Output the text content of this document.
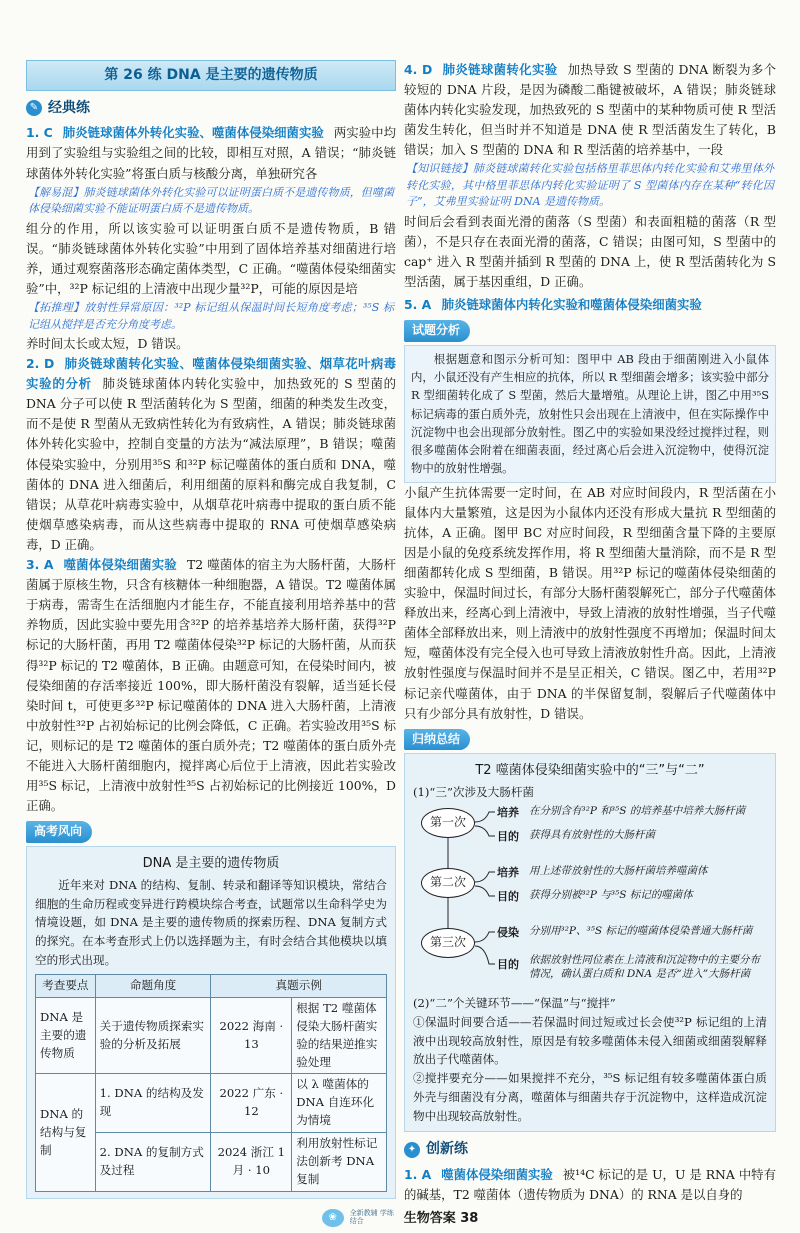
第 26 练 DNA 是主要的遗传物质
✎ 经典练

1. C 肺炎链球菌体外转化实验、噬菌体侵染细菌实验 两实验中均用到了实验组与实验组之间的比较，即相互对照，A 错误；“肺炎链球菌体外转化实验”将蛋白质与核酸分离，单独研究各

【解易混】肺炎链球菌体外转化实验可以证明蛋白质不是遗传物质，但噬菌体侵染细菌实验不能证明蛋白质不是遗传物质。

组分的作用，所以该实验可以证明蛋白质不是遗传物质，B 错误。“肺炎链球菌体外转化实验”中用到了固体培养基对细菌进行培养，通过观察菌落形态确定菌体类型，C 正确。“噬菌体侵染细菌实验”中，³²P 标记组的上清液中出现少量³²P，可能的原因是培

【拓推理】放射性异常原因：³²P 标记组从保温时间长短角度考虑；³⁵S 标记组从搅拌是否充分角度考虑。

养时间太长或太短，D 错误。

2. D 肺炎链球菌转化实验、噬菌体侵染细菌实验、烟草花叶病毒实验的分析 肺炎链球菌体内转化实验中，加热致死的 S 型菌的 DNA 分子可以使 R 型活菌转化为 S 型菌，细菌的种类发生改变，而不是使 R 型菌从无致病性转化为有致病性，A 错误；肺炎链球菌体外转化实验中，控制自变量的方法为“减法原理”，B 错误；噬菌体侵染实验中，分别用³⁵S 和³²P 标记噬菌体的蛋白质和 DNA，噬菌体的 DNA 进入细菌后，利用细菌的原料和酶完成自我复制，C 错误；从草花叶病毒实验中，从烟草花叶病毒中提取的蛋白质不能使烟草感染病毒，而从这些病毒中提取的 RNA 可使烟草感染病毒，D 正确。

3. A 噬菌体侵染细菌实验 T2 噬菌体的宿主为大肠杆菌，大肠杆菌属于原核生物，只含有核糖体一种细胞器，A 错误。T2 噬菌体属于病毒，需寄生在活细胞内才能生存，不能直接利用培养基中的营养物质，因此实验中要先用含³²P 的培养基培养大肠杆菌，获得³²P 标记的大肠杆菌，再用 T2 噬菌体侵染³²P 标记的大肠杆菌，从而获得³²P 标记的 T2 噬菌体，B 正确。由题意可知，在侵染时间内，被侵染细菌的存活率接近 100%，即大肠杆菌没有裂解，适当延长侵染时间 t，可使更多³²P 标记噬菌体的 DNA 进入大肠杆菌，上清液中放射性³²P 占初始标记的比例会降低，C 正确。若实验改用³⁵S 标记，则标记的是 T2 噬菌体的蛋白质外壳；T2 噬菌体的蛋白质外壳不能进入大肠杆菌细胞内，搅拌离心后位于上清液，因此若实验改用³⁵S 标记，上清液中放射性³⁵S 占初始标记的比例接近 100%，D 正确。

高考风向
DNA 是主要的遗传物质

近年来对 DNA 的结构、复制、转录和翻译等知识模块，常结合细胞的生命历程或变异进行跨模块综合考查，试题常以生命科学史为情境设题，如 DNA 是主要的遗传物质的探索历程、DNA 复制方式的探究。在本考查形式上仍以选择题为主，有时会结合其他模块以填空的形式出现。

考查要点	命题角度	真题示例	
DNA 是主要的遗传物质	关于遗传物质探索实验的分析及拓展	2022 海南 · 13	根据 T2 噬菌体侵染大肠杆菌实验的结果逆推实验处理
DNA 的结构与复制	1. DNA 的结构及发现	2022 广东 · 12	以 λ 噬菌体的 DNA 自连环化为情境
	2. DNA 的复制方式及过程	2024 浙江 1 月 · 10	利用放射性标记法创新考 DNA 复制

4. D 肺炎链球菌转化实验 加热导致 S 型菌的 DNA 断裂为多个较短的 DNA 片段，是因为磷酸二酯键被破坏，A 错误；肺炎链球菌体内转化实验发现，加热致死的 S 型菌中的某种物质可使 R 型活菌发生转化，但当时并不知道是 DNA 使 R 型活菌发生了转化，B 错误；加入 S 型菌的 DNA 和 R 型活菌的培养基中，一段

【知识链接】肺炎链球菌转化实验包括格里菲思体内转化实验和艾弗里体外转化实验，其中格里菲思体内转化实验证明了 S 型菌体内存在某种“转化因子”，艾弗里实验证明 DNA 是遗传物质。

时间后会看到表面光滑的菌落（S 型菌）和表面粗糙的菌落（R 型菌），不是只存在表面光滑的菌落，C 错误；由图可知，S 型菌中的 cap⁺ 进入 R 型菌并插到 R 型菌的 DNA 上，使 R 型活菌转化为 S 型活菌，属于基因重组，D 正确。

5. A 肺炎链球菌体内转化实验和噬菌体侵染细菌实验

试题分析

根据题意和图示分析可知：图甲中 AB 段由于细菌刚进入小鼠体内，小鼠还没有产生相应的抗体，所以 R 型细菌会增多；该实验中部分 R 型细菌转化成了 S 型菌，然后大量增殖。从理论上讲，图乙中用³⁵S 标记病毒的蛋白质外壳，放射性只会出现在上清液中，但在实际操作中沉淀物中也会出现部分放射性。图乙中的实验如果没经过搅拌过程，则很多噬菌体会附着在细菌表面，经过离心后会进入沉淀物中，使得沉淀物中的放射性增强。

小鼠产生抗体需要一定时间，在 AB 对应时间段内，R 型活菌在小鼠体内大量繁殖，这是因为小鼠体内还没有形成大量抗 R 型细菌的抗体，A 正确。图甲 BC 对应时间段，R 型细菌含量下降的主要原因是小鼠的免疫系统发挥作用，将 R 型细菌大量消除，而不是 R 型细菌都转化成 S 型细菌，B 错误。用³²P 标记的噬菌体侵染细菌的实验中，保温时间过长，有部分大肠杆菌裂解死亡，部分子代噬菌体释放出来，经离心到上清液中，导致上清液的放射性增强，当子代噬菌体全部释放出来，则上清液中的放射性强度不再增加；保温时间太短，噬菌体没有完全侵入也可导致上清液放射性升高。因此，上清液放射性强度与保温时间并不是呈正相关，C 错误。图乙中，若用³²P 标记亲代噬菌体，由于 DNA 的半保留复制，裂解后子代噬菌体中只有少部分具有放射性，D 错误。

归纳总结
T2 噬菌体侵染细菌实验中的“三”与“二”
(1)“三”次涉及大肠杆菌
第一次
培养 在分别含有³²P 和³⁵S 的培养基中培养大肠杆菌
目的 获得具有放射性的大肠杆菌
第二次
培养 用上述带放射性的大肠杆菌培养噬菌体
目的 获得分别被³²P 与³⁵S 标记的噬菌体
第三次
侵染 分别用³²P、³⁵S 标记的噬菌体侵染普通大肠杆菌
目的 依据放射性同位素在上清液和沉淀物中的主要分布情况，确认蛋白质和 DNA 是否“进入”大肠杆菌
(2)“二”个关键环节——“保温”与“搅拌”

①保温时间要合适——若保温时间过短或过长会使³²P 标记组的上清液中出现较高放射性，原因是有较多噬菌体未侵入细菌或细菌裂解释放出子代噬菌体。

②搅拌要充分——如果搅拌不充分，³⁵S 标记组有较多噬菌体蛋白质外壳与细菌没有分离，噬菌体与细菌共存于沉淀物中，这样造成沉淀物中出现较高放射性。

✦ 创新练

1. A 噬菌体侵染细菌实验 被¹⁴C 标记的是 U，U 是 RNA 中特有的碱基，T2 噬菌体（遗传物质为 DNA）的 RNA 是以自身的

❀	全新教辅 学练结合	生物答案 38
